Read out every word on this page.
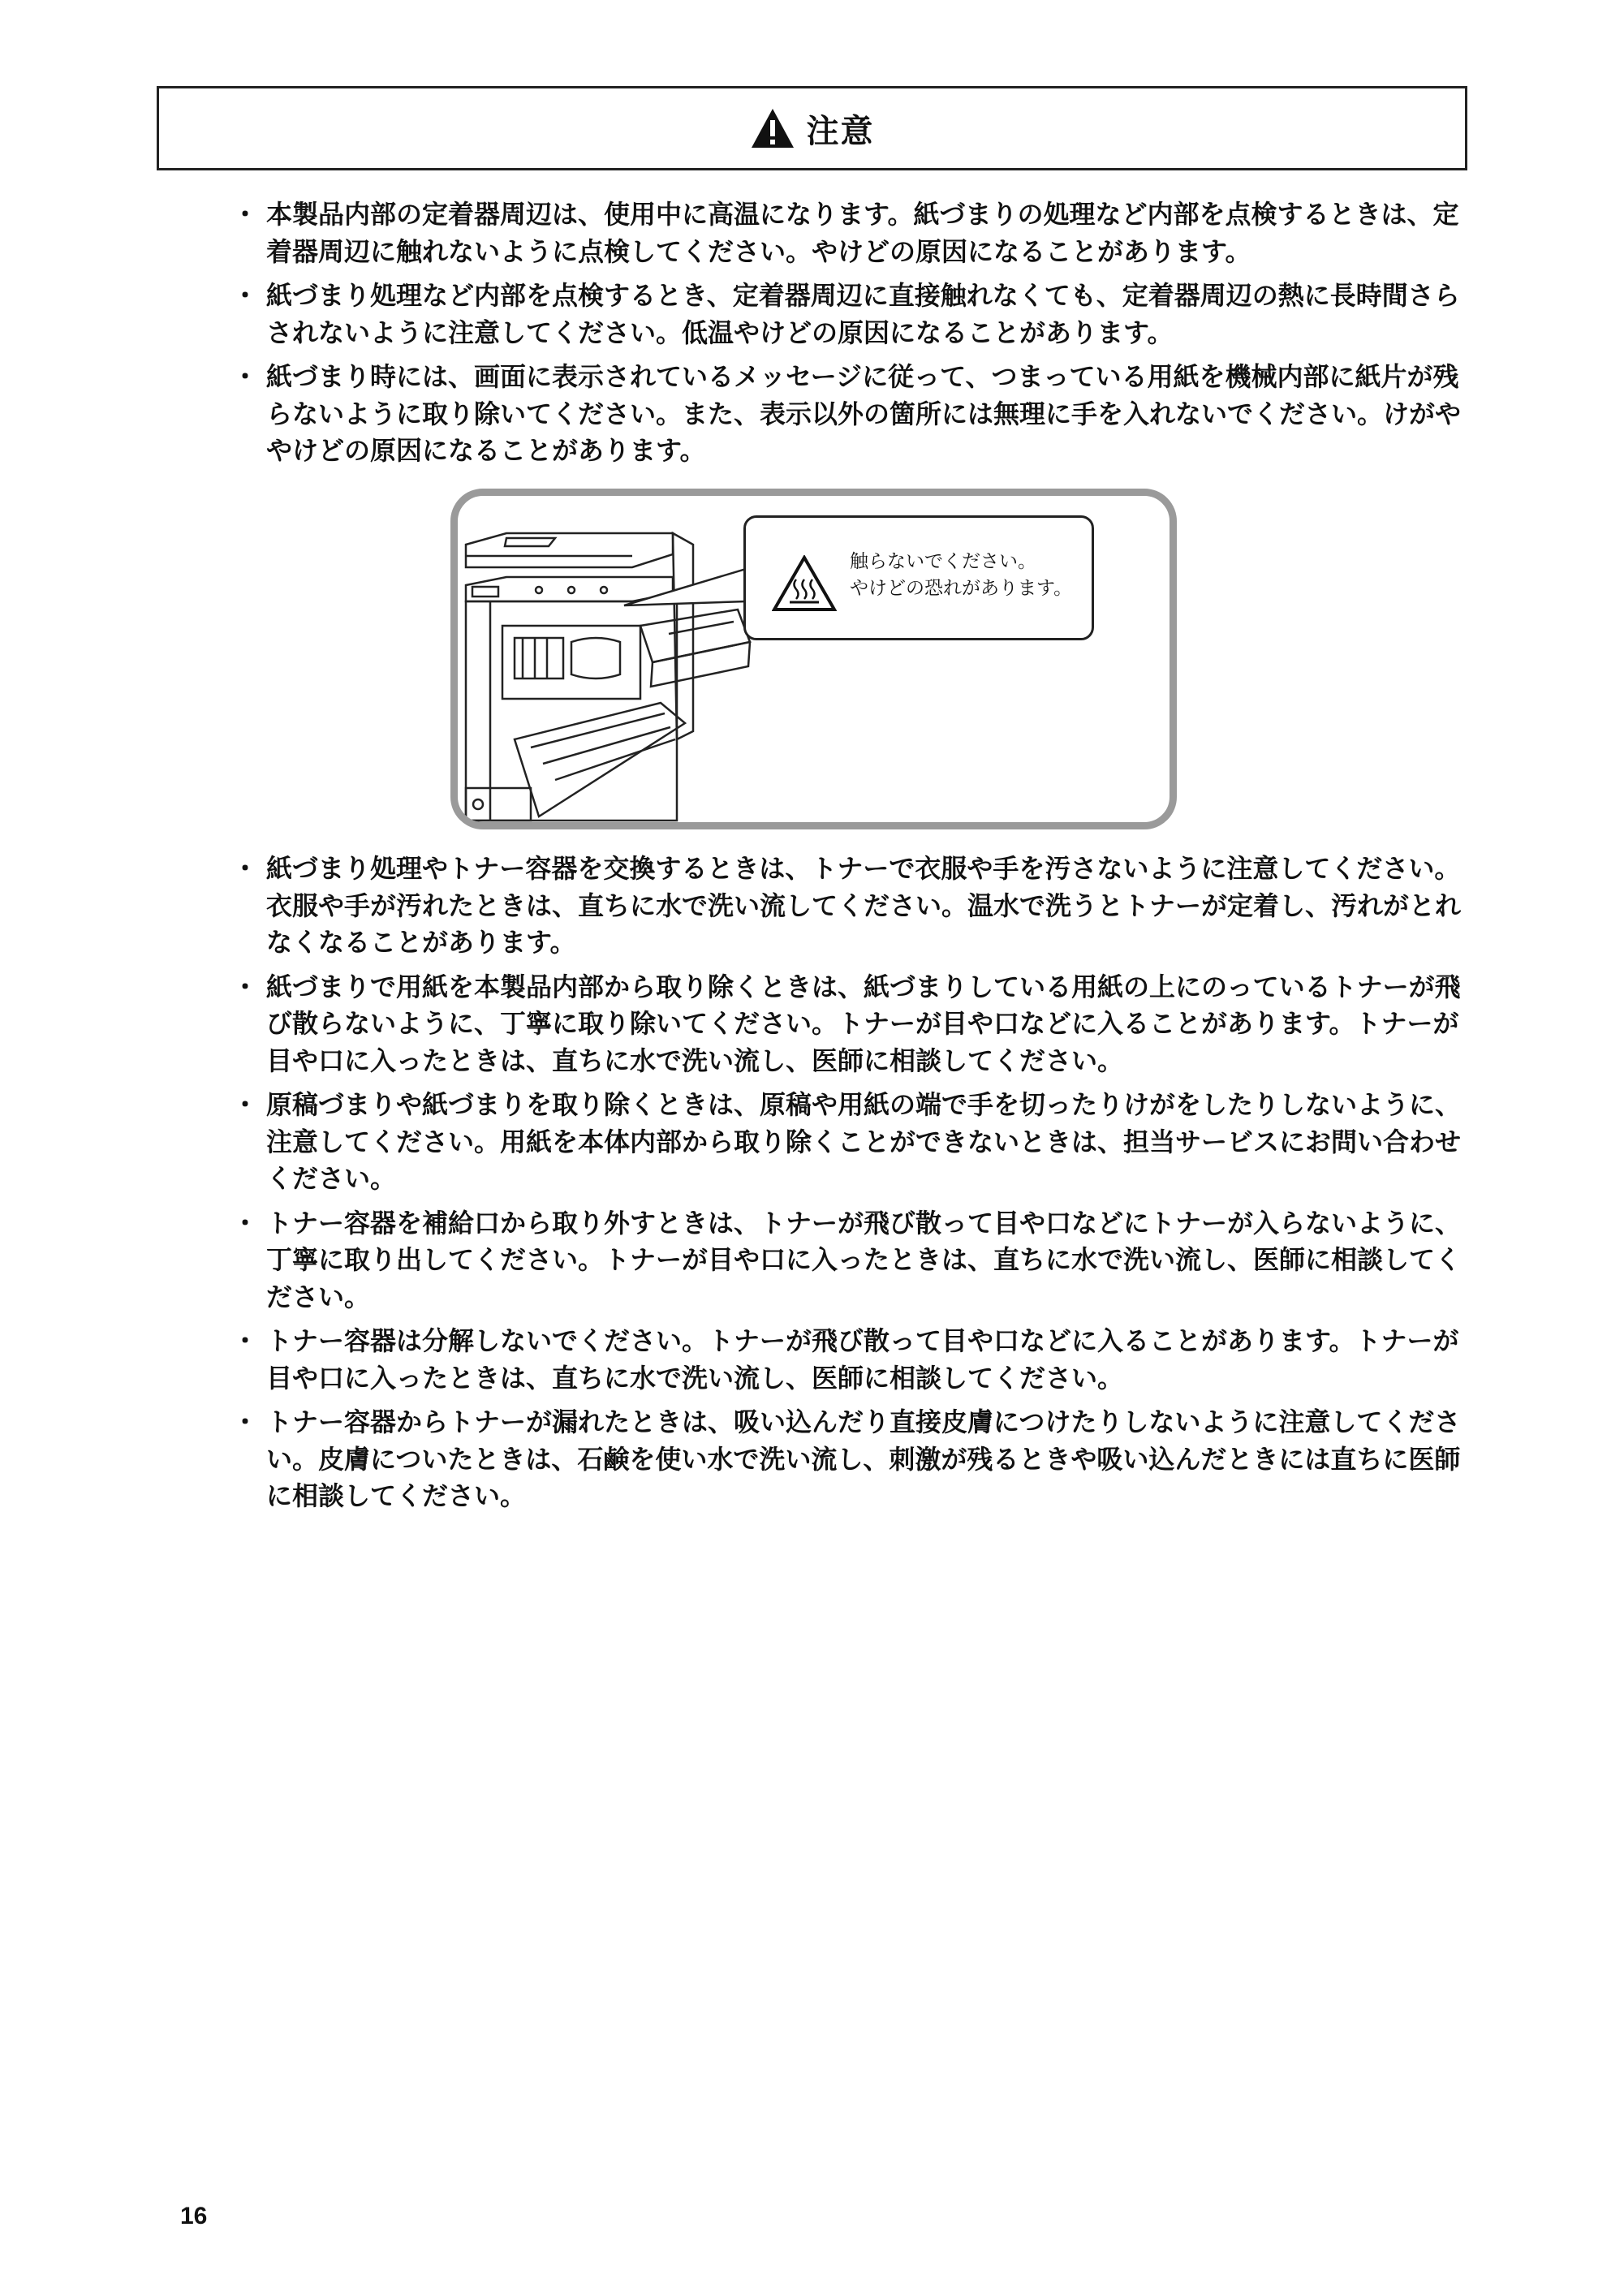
注意
・ 本製品内部の定着器周辺は、使用中に高温になります。紙づまりの処理など内部を点検するときは、定着器周辺に触れないように点検してください。やけどの原因になることがあります。
・ 紙づまり処理など内部を点検するとき、定着器周辺に直接触れなくても、定着器周辺の熱に長時間さらされないように注意してください。低温やけどの原因になることがあります。
・ 紙づまり時には、画面に表示されているメッセージに従って、つまっている用紙を機械内部に紙片が残らないように取り除いてください。また、表示以外の箇所には無理に手を入れないでください。けがややけどの原因になることがあります。
触らないでください。
やけどの恐れがあります。
・ 紙づまり処理やトナー容器を交換するときは、トナーで衣服や手を汚さないように注意してください。衣服や手が汚れたときは、直ちに水で洗い流してください。温水で洗うとトナーが定着し、汚れがとれなくなることがあります。
・ 紙づまりで用紙を本製品内部から取り除くときは、紙づまりしている用紙の上にのっているトナーが飛び散らないように、丁寧に取り除いてください。トナーが目や口などに入ることがあります。トナーが目や口に入ったときは、直ちに水で洗い流し、医師に相談してください。
・ 原稿づまりや紙づまりを取り除くときは、原稿や用紙の端で手を切ったりけがをしたりしないように、注意してください。用紙を本体内部から取り除くことができないときは、担当サービスにお問い合わせください。
・ トナー容器を補給口から取り外すときは、トナーが飛び散って目や口などにトナーが入らないように、丁寧に取り出してください。トナーが目や口に入ったときは、直ちに水で洗い流し、医師に相談してください。
・ トナー容器は分解しないでください。トナーが飛び散って目や口などに入ることがあります。トナーが目や口に入ったときは、直ちに水で洗い流し、医師に相談してください。
・ トナー容器からトナーが漏れたときは、吸い込んだり直接皮膚につけたりしないように注意してください。皮膚についたときは、石鹸を使い水で洗い流し、刺激が残るときや吸い込んだときには直ちに医師に相談してください。
16
